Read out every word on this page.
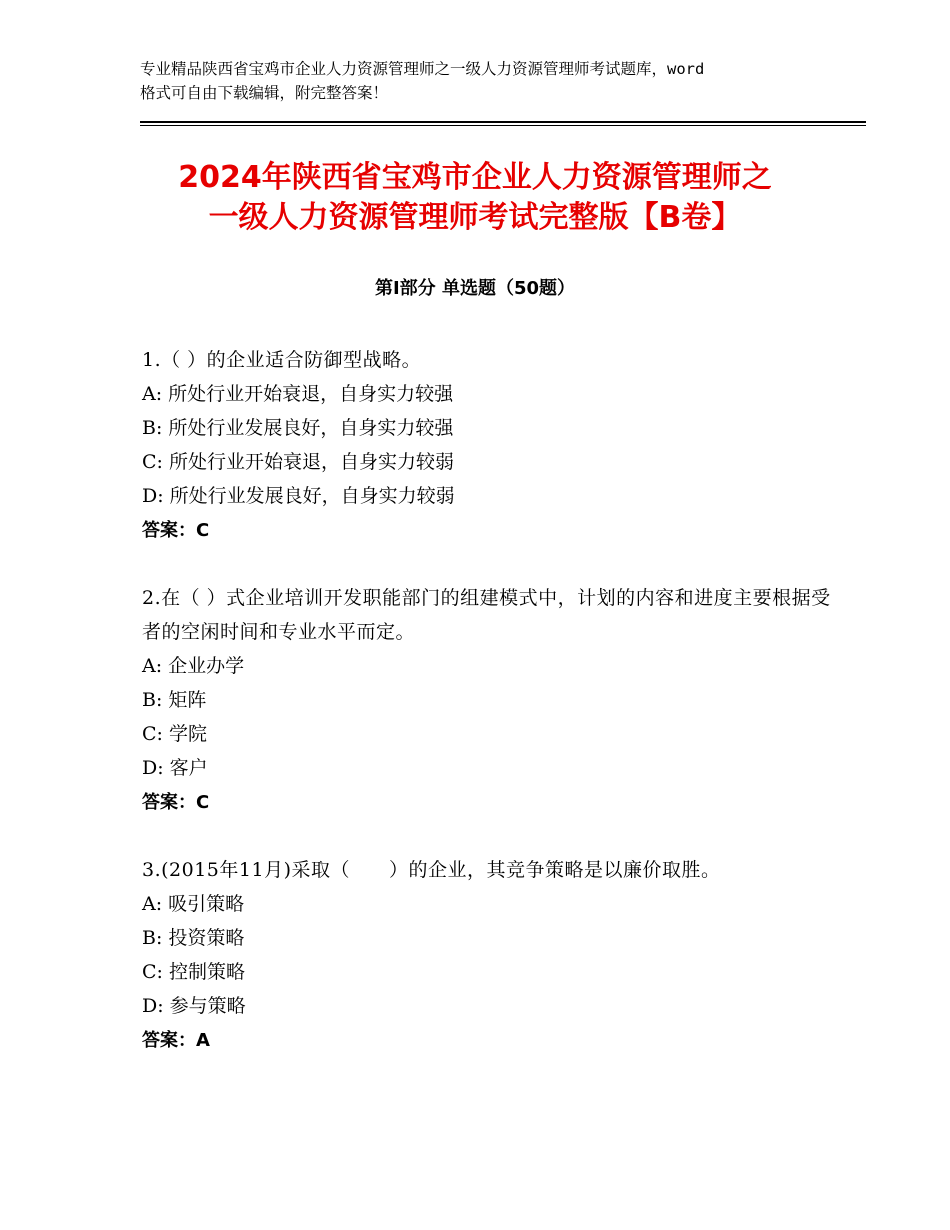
专业精品陕西省宝鸡市企业人力资源管理师之一级人力资源管理师考试题库，word
格式可自由下载编辑，附完整答案！
2024年陕西省宝鸡市企业人力资源管理师之
一级人力资源管理师考试完整版【B卷】
第Ⅰ部分 单选题（50题）
1.（ ）的企业适合防御型战略。
A: 所处行业开始衰退，自身实力较强
B: 所处行业发展良好，自身实力较强
C: 所处行业开始衰退，自身实力较弱
D: 所处行业发展良好，自身实力较弱
答案：C
2.在（ ）式企业培训开发职能部门的组建模式中，计划的内容和进度主要根据受者的空闲时间和专业水平而定。
A: 企业办学
B: 矩阵
C: 学院
D: 客户
答案：C
3.(2015年11月)采取（　　）的企业，其竞争策略是以廉价取胜。
A: 吸引策略
B: 投资策略
C: 控制策略
D: 参与策略
答案：A
